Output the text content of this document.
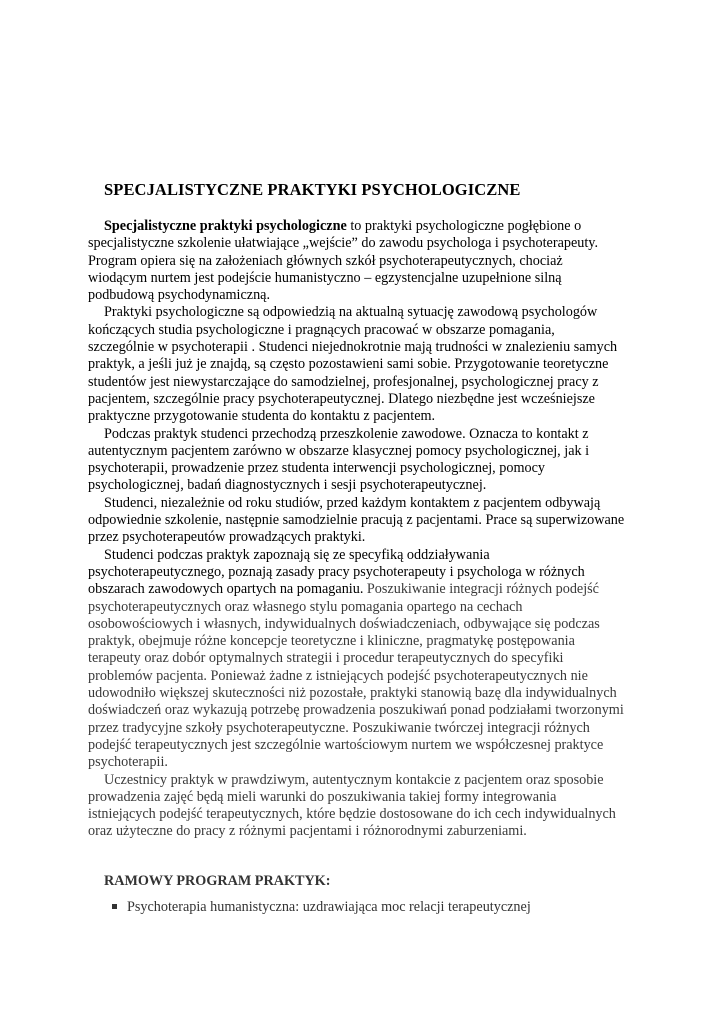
SPECJALISTYCZNE PRAKTYKI PSYCHOLOGICZNE

Specjalistyczne praktyki psychologiczne to praktyki psychologiczne pogłębione o
specjalistyczne szkolenie ułatwiające „wejście” do zawodu psychologa i psychoterapeuty.
Program opiera się na założeniach głównych szkół psychoterapeutycznych, chociaż
wiodącym nurtem jest podejście humanistyczno – egzystencjalne uzupełnione silną
podbudową psychodynamiczną.

Praktyki psychologiczne są odpowiedzią na aktualną sytuację zawodową psychologów
kończących studia psychologiczne i pragnących pracować w obszarze pomagania,
szczególnie w psychoterapii . Studenci niejednokrotnie mają trudności w znalezieniu samych
praktyk, a jeśli już je znajdą, są często pozostawieni sami sobie. Przygotowanie teoretyczne
studentów jest niewystarczające do samodzielnej, profesjonalnej, psychologicznej pracy z
pacjentem, szczególnie pracy psychoterapeutycznej. Dlatego niezbędne jest wcześniejsze
praktyczne przygotowanie studenta do kontaktu z pacjentem.

Podczas praktyk studenci przechodzą przeszkolenie zawodowe. Oznacza to kontakt z
autentycznym pacjentem zarówno w obszarze klasycznej pomocy psychologicznej, jak i
psychoterapii, prowadzenie przez studenta interwencji psychologicznej, pomocy
psychologicznej, badań diagnostycznych i sesji psychoterapeutycznej.

Studenci, niezależnie od roku studiów, przed każdym kontaktem z pacjentem odbywają
odpowiednie szkolenie, następnie samodzielnie pracują z pacjentami. Prace są superwizowane
przez psychoterapeutów prowadzących praktyki.

Studenci podczas praktyk zapoznają się ze specyfiką oddziaływania
psychoterapeutycznego, poznają zasady pracy psychoterapeuty i psychologa w różnych
obszarach zawodowych opartych na pomaganiu. Poszukiwanie integracji różnych podejść
psychoterapeutycznych oraz własnego stylu pomagania opartego na cechach
osobowościowych i własnych, indywidualnych doświadczeniach, odbywające się podczas
praktyk, obejmuje różne koncepcje teoretyczne i kliniczne, pragmatykę postępowania
terapeuty oraz dobór optymalnych strategii i procedur terapeutycznych do specyfiki
problemów pacjenta. Ponieważ żadne z istniejących podejść psychoterapeutycznych nie
udowodniło większej skuteczności niż pozostałe, praktyki stanowią bazę dla indywidualnych
doświadczeń oraz wykazują potrzebę prowadzenia poszukiwań ponad podziałami tworzonymi
przez tradycyjne szkoły psychoterapeutyczne. Poszukiwanie twórczej integracji różnych
podejść terapeutycznych jest szczególnie wartościowym nurtem we współczesnej praktyce
psychoterapii.

Uczestnicy praktyk w prawdziwym, autentycznym kontakcie z pacjentem oraz sposobie
prowadzenia zajęć będą mieli warunki do poszukiwania takiej formy integrowania
istniejących podejść terapeutycznych, które będzie dostosowane do ich cech indywidualnych
oraz użyteczne do pracy z różnymi pacjentami i różnorodnymi zaburzeniami.

RAMOWY PROGRAM PRAKTYK:
Psychoterapia humanistyczna: uzdrawiająca moc relacji terapeutycznej
